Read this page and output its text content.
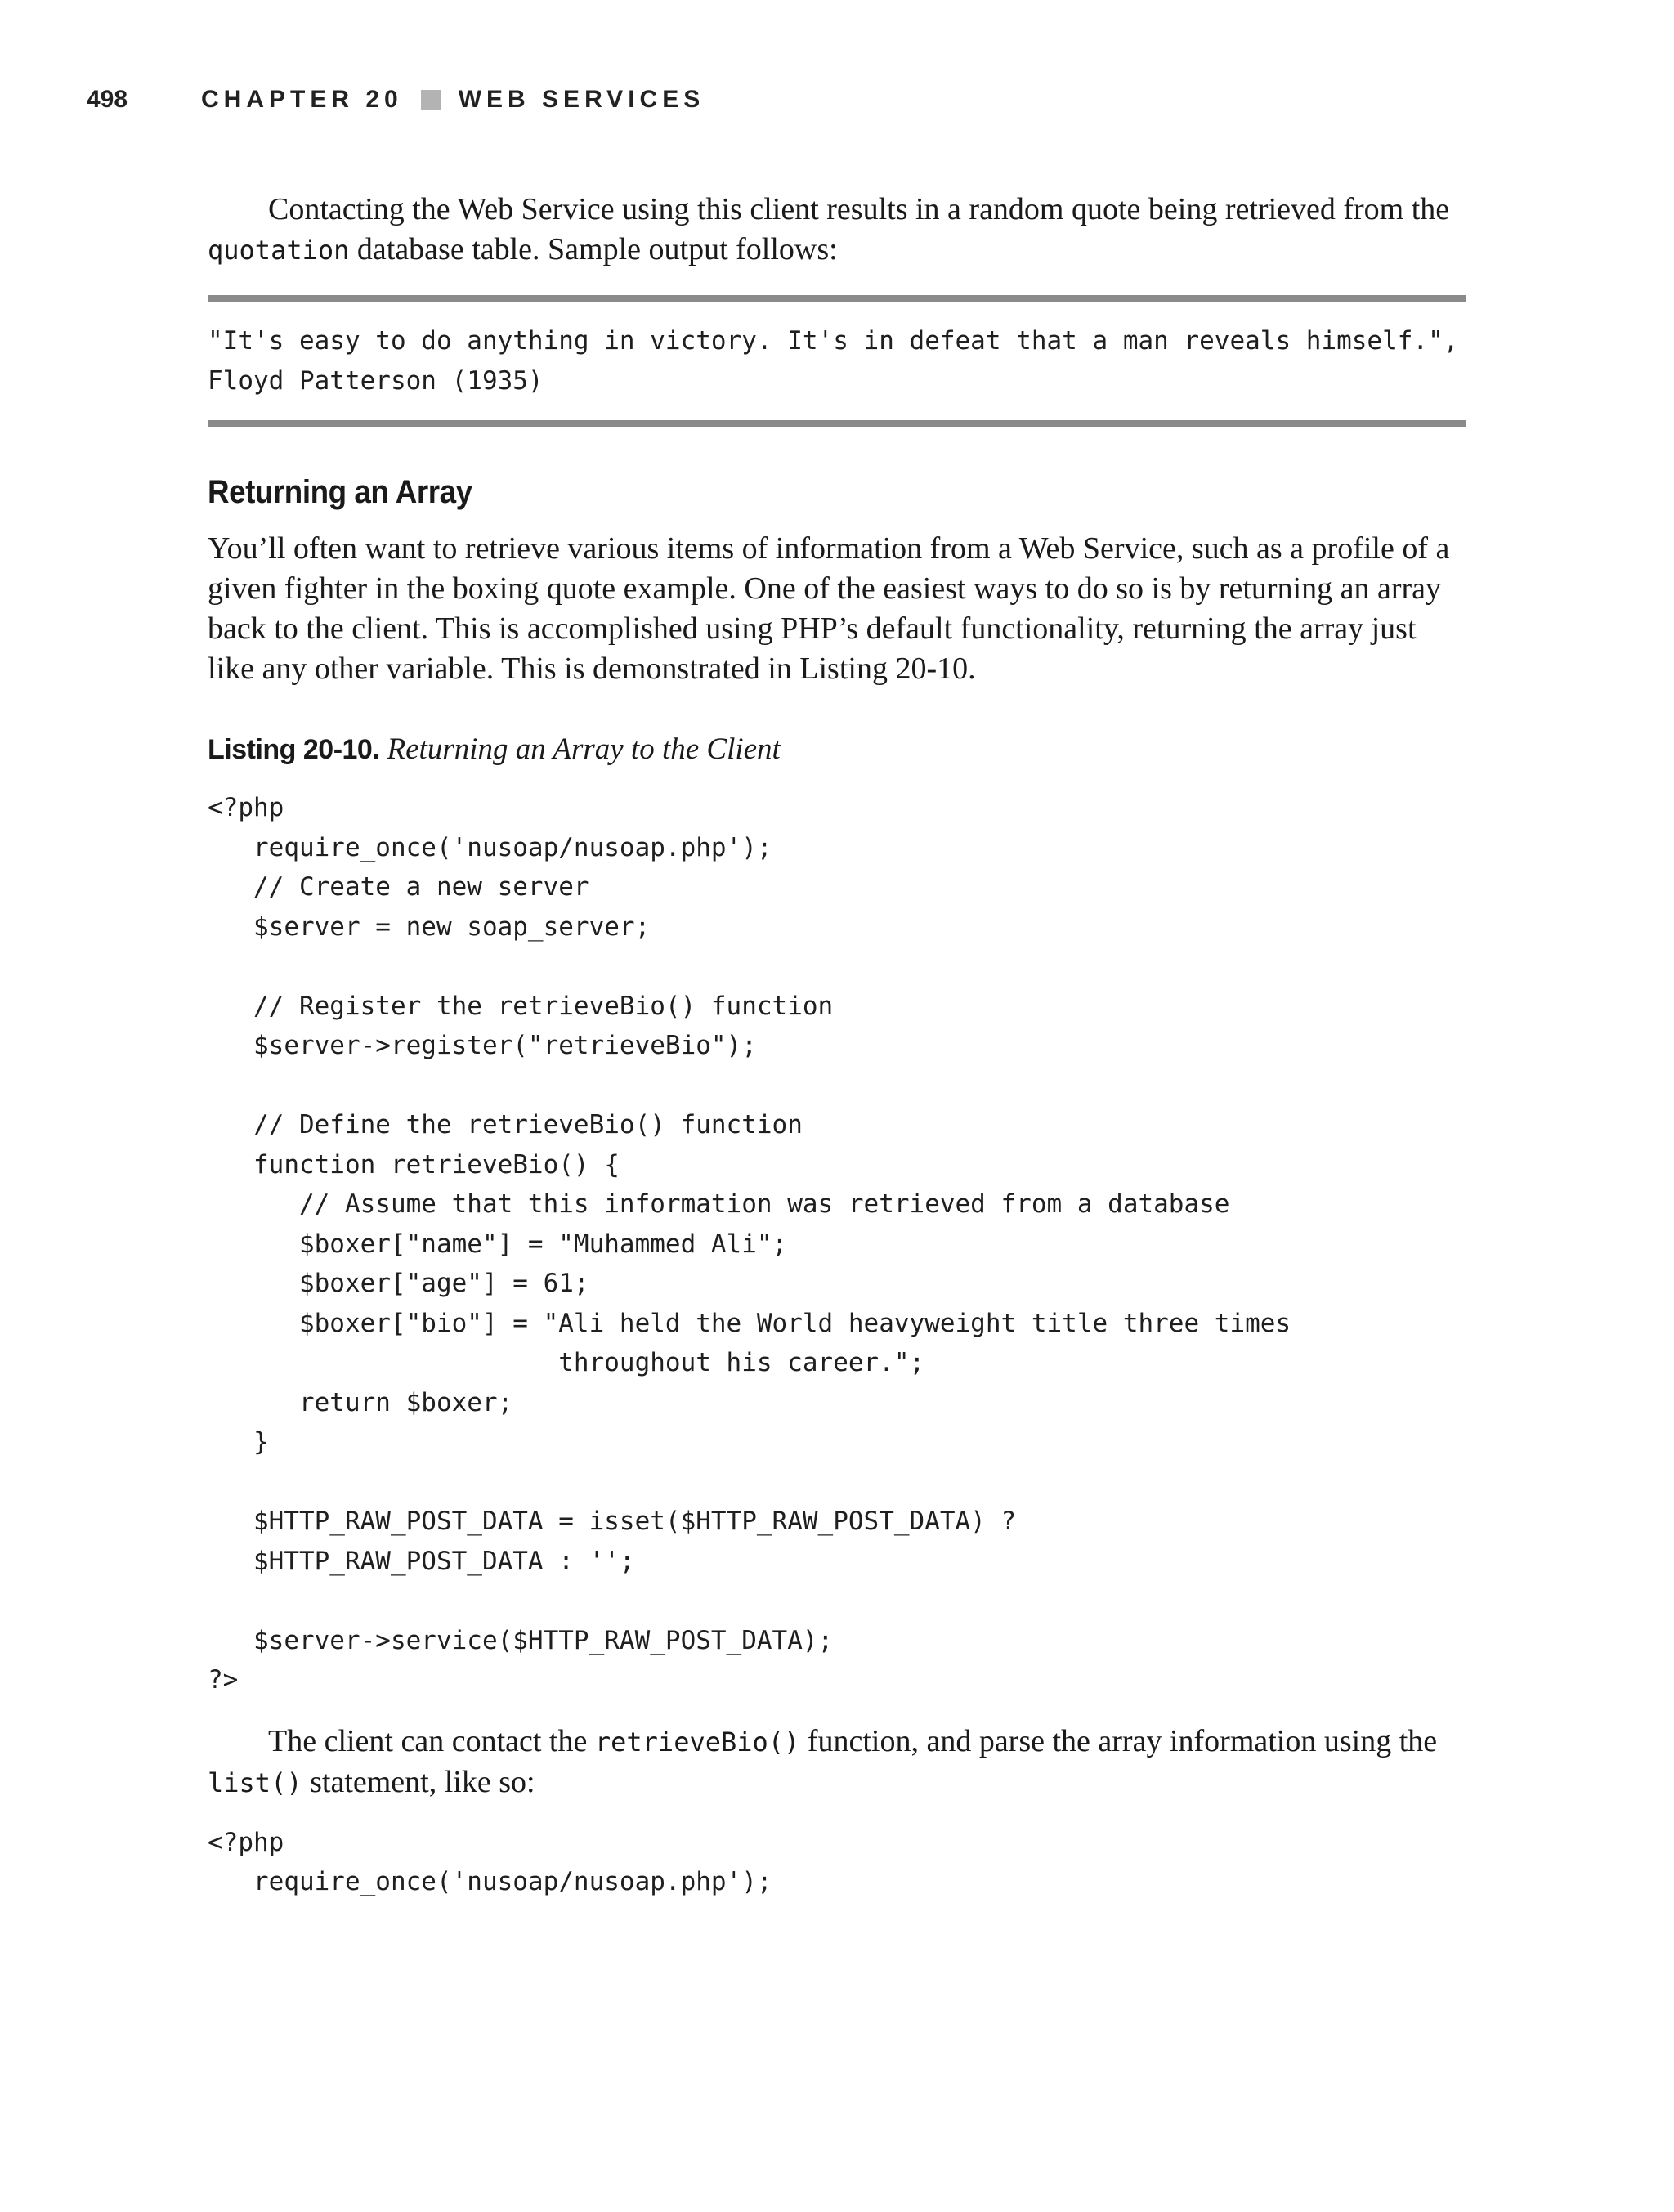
498	CHAPTER 20 WEB SERVICES

Contacting the Web Service using this client results in a random quote being retrieved from the quotation database table. Sample output follows:

"It's easy to do anything in victory. It's in defeat that a man reveals himself.",
Floyd Patterson (1935)
Returning an Array

You’ll often want to retrieve various items of information from a Web Service, such as a profile of a given fighter in the boxing quote example. One of the easiest ways to do so is by returning an array back to the client. This is accomplished using PHP’s default functionality, returning the array just like any other variable. This is demonstrated in Listing 20-10.

Listing 20-10. Returning an Array to the Client

<?php
require_once('nusoap/nusoap.php');
// Create a new server
$server = new soap_server;

// Register the retrieveBio() function
$server->register("retrieveBio");

// Define the retrieveBio() function
function retrieveBio() {
// Assume that this information was retrieved from a database
$boxer["name"] = "Muhammed Ali";
$boxer["age"] = 61;
$boxer["bio"] = "Ali held the World heavyweight title three times
throughout his career.";
return $boxer;
}

$HTTP_RAW_POST_DATA = isset($HTTP_RAW_POST_DATA) ?
$HTTP_RAW_POST_DATA : '';

$server->service($HTTP_RAW_POST_DATA);
?>

The client can contact the retrieveBio() function, and parse the array information using the list() statement, like so:

<?php
require_once('nusoap/nusoap.php');
